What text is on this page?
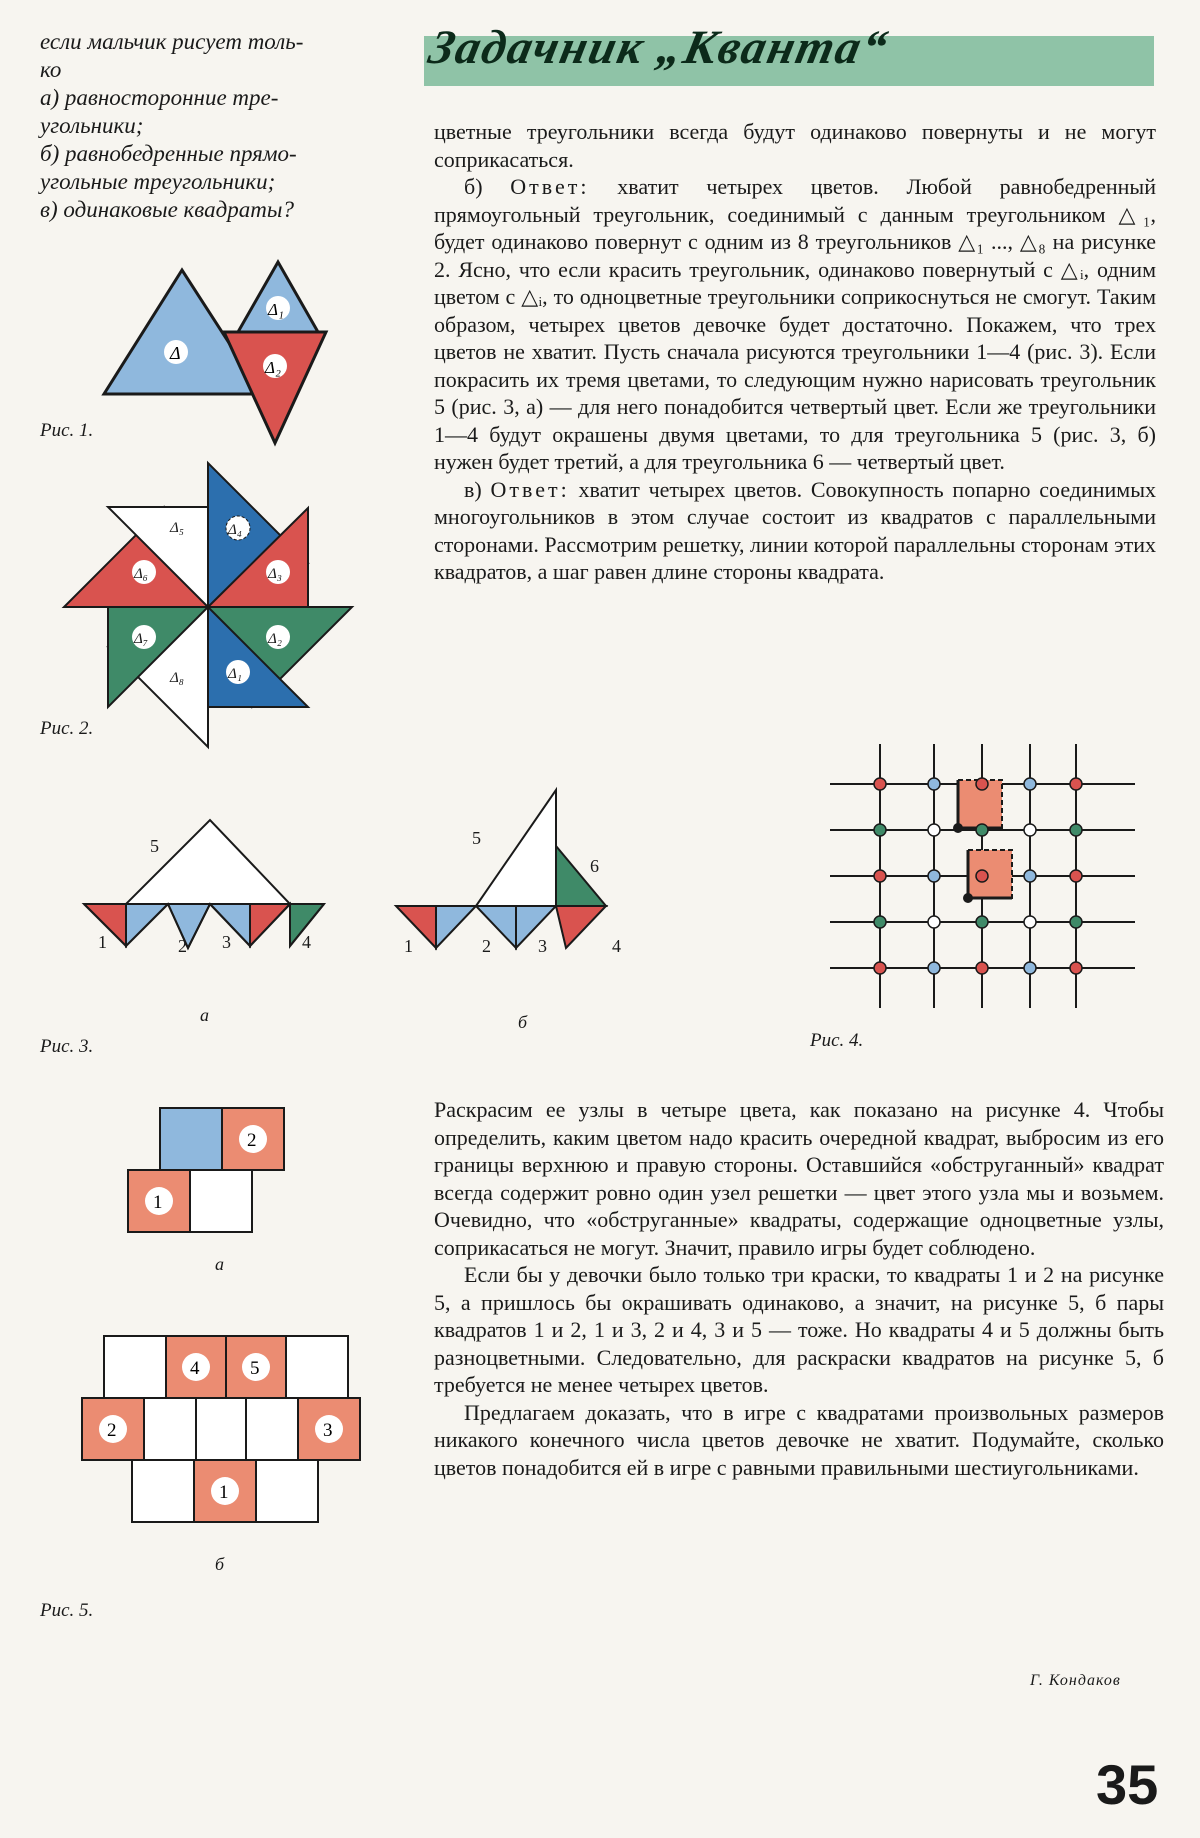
если мальчик рисует толь-
ко
а) равносторонние тре-
угольники;
б) равнобедренные прямо-
угольные треугольники;
в) одинаковые квадраты?
Задачник „Кванта“

цветные треугольники всегда будут одинаково повернуты и не могут соприкасаться.

б) Ответ: хватит четырех цветов. Любой равнобедренный прямоугольный треугольник, соединимый с данным треугольником △₁, будет одинаково повернут с одним из 8 треугольников △₁ ..., △₈ на рисунке 2. Ясно, что если красить треугольник, одинаково повернутый с △ᵢ, одним цветом с △ᵢ, то одноцветные треугольники соприкоснуться не смогут. Таким образом, четырех цветов девочке будет достаточно. Покажем, что трех цветов не хватит. Пусть сначала рисуются треугольники 1—4 (рис. 3). Если покрасить их тремя цветами, то следующим нужно нарисовать треугольник 5 (рис. 3, а) — для него понадобится четвертый цвет. Если же треугольники 1—4 будут окрашены двумя цветами, то для треугольника 5 (рис. 3, б) нужен будет третий, а для треугольника 6 — четвертый цвет.

в) Ответ: хватит четырех цветов. Совокупность попарно соединимых многоугольников в этом случае состоит из квадратов с параллельными сторонами. Рассмотрим решетку, линии которой параллельны сторонам этих квадратов, а шаг равен длине стороны квадрата.

Раскрасим ее узлы в четыре цвета, как показано на рисунке 4. Чтобы определить, каким цветом надо красить очередной квадрат, выбросим из его границы верхнюю и правую стороны. Оставшийся «обструганный» квадрат всегда содержит ровно один узел решетки — цвет этого узла мы и возьмем. Очевидно, что «обструганные» квадраты, содержащие одноцветные узлы, соприкасаться не могут. Значит, правило игры будет соблюдено.

Если бы у девочки было только три краски, то квадраты 1 и 2 на рисунке 5, а пришлось бы окрашивать одинаково, а значит, на рисунке 5, б пары квадратов 1 и 2, 1 и 3, 2 и 4, 3 и 5 — тоже. Но квадраты 4 и 5 должны быть разноцветными. Следовательно, для раскраски квадратов на рисунке 5, б требуется не менее четырех цветов.

Предлагаем доказать, что в игре с квадратами произвольных размеров никакого конечного числа цветов девочке не хватит. Подумайте, сколько цветов понадобится ей в игре с равными правильными шестиугольниками.

Г. Кондаков
35
Δ
Δ₁
Δ₂
Рис. 1.
Δ₄
Δ₃
Δ₂
Δ₁
Δ₈
Δ₇
Δ₆
Δ₅
Рис. 2.
1	2 3	4
5
а
1	2	3	4
5
6
б
Рис. 3.	Рис. 4.
2
1
а
4	5
2	3
1
б
Рис. 5.
